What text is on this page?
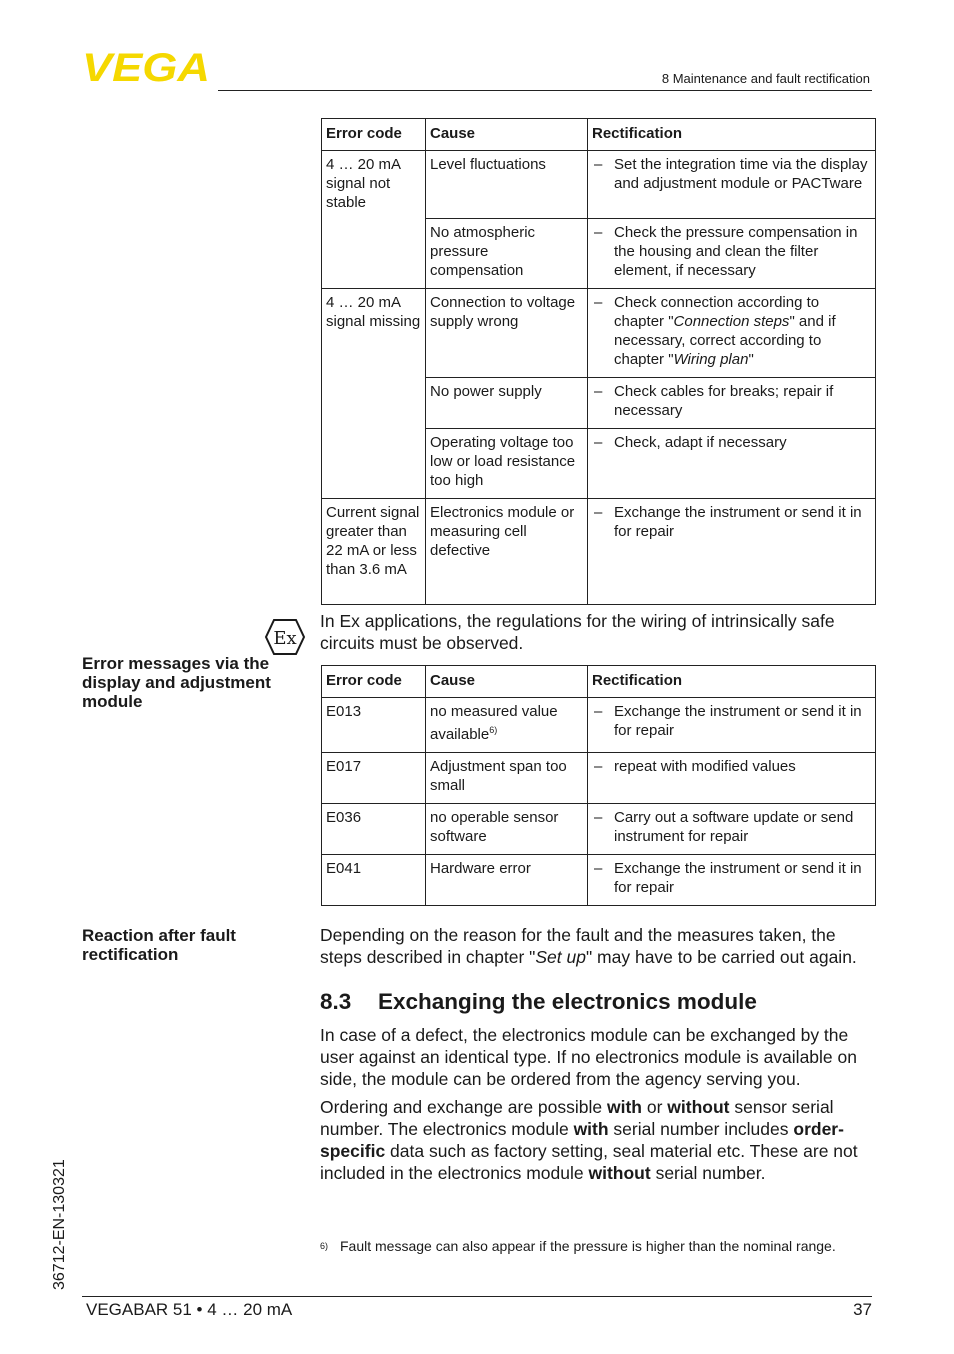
VEGA	8 Maintenance and fault rectification
Error code	Cause	Rectification
4 … 20 mA signal not stable	Level fluctuations	– Set the integration time via the display and adjustment module or PACTware

	No atmospheric pressure compensation	– Check the pressure compensation in the housing and clean the filter element, if necessary

4 … 20 mA signal missing	Connection to voltage supply wrong	– Check connection according to chapter "Connection steps" and if necessary, correct according to chapter "Wiring plan"

	No power supply	– Check cables for breaks; repair if necessary

	Operating voltage too low or load resistance too high	– Check, adapt if necessary

Current signal greater than 22 mA or less than 3.6 mA	Electronics module or measuring cell defective	– Exchange the instrument or send it in for repair
Ex

In Ex applications, the regulations for the wiring of intrinsically safe circuits must be observed.

Error messages via the display and adjustment module
Error code	Cause	Rectification
E013	no measured value available$^{6)}$	– Exchange the instrument or send it in for repair

E017	Adjustment span too small	– repeat with modified values

E036	no operable sensor software	– Carry out a software update or send instrument for repair

E041	Hardware error	– Exchange the instrument or send it in for repair
Reaction after fault rectification

Depending on the reason for the fault and the measures taken, the steps described in chapter "Set up" may have to be carried out again.

8.3 Exchanging the electronics module

In case of a defect, the electronics module can be exchanged by the user against an identical type. If no electronics module is available on side, the module can be ordered from the agency serving you.

Ordering and exchange are possible with or without sensor serial number. The electronics module with serial number includes order-specific data such as factory setting, seal material etc. These are not included in the electronics module without serial number.

6) Fault message can also appear if the pressure is higher than the nominal range.
36712-EN-130321
VEGABAR 51 • 4 … 20 mA	37
